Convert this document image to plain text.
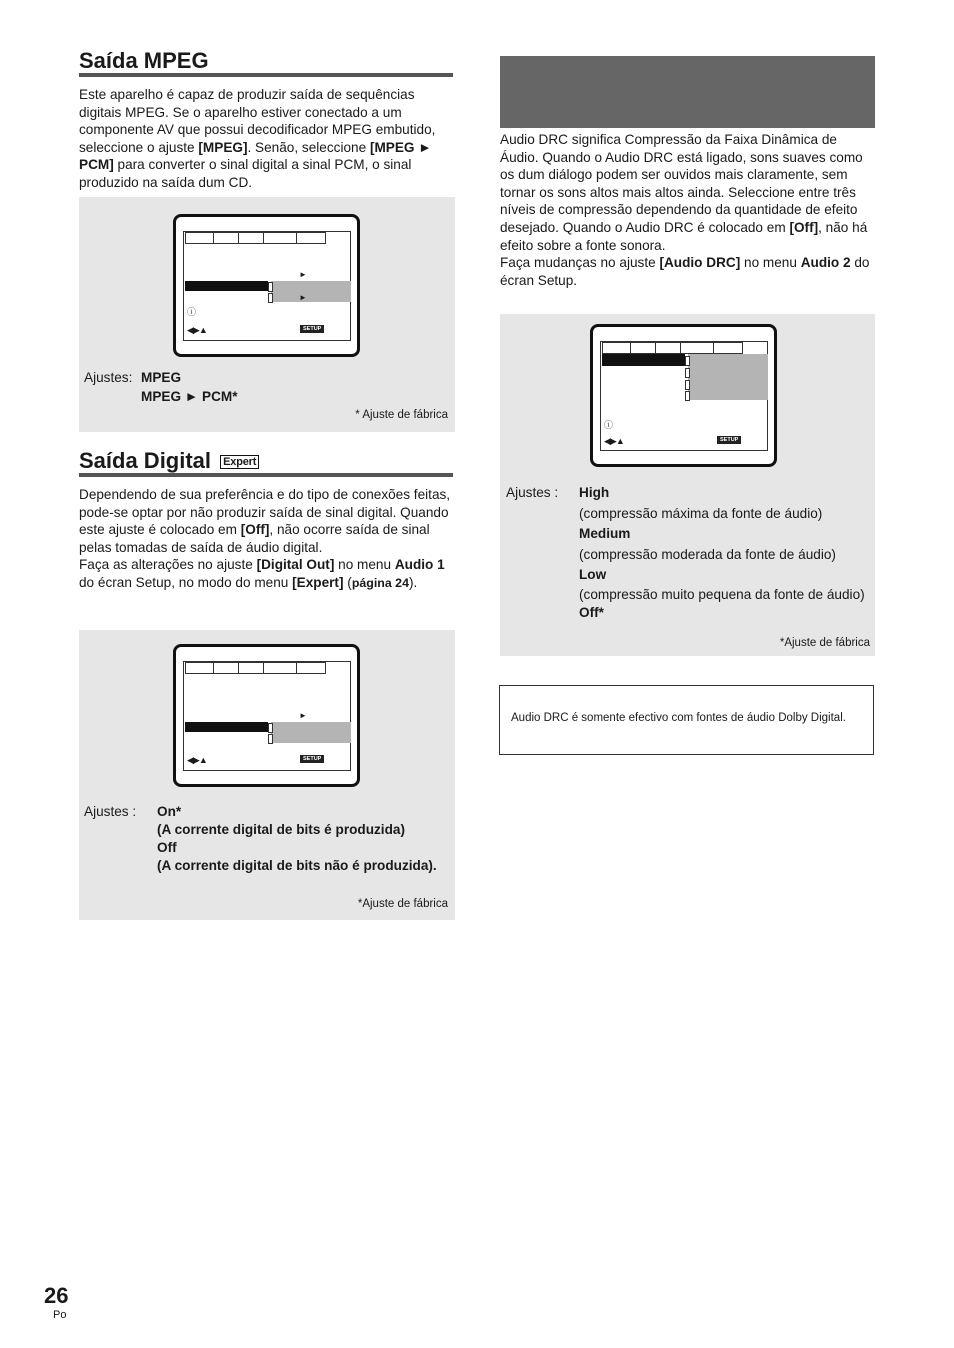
Saída MPEG

Este aparelho é capaz de produzir saída de sequências digitais MPEG. Se o aparelho estiver conectado a um componente AV que possui decodificador MPEG embutido, seleccione o ajuste [MPEG]. Senão, seleccione [MPEG ► PCM] para converter o sinal digital a sinal PCM, o sinal produzido na saída dum CD.

►
►
ⓘ
◀▶▲	SETUP
Ajustes: MPEG
MPEG ► PCM*
* Ajuste de fábrica
Saída Digital Expert

Dependendo de sua preferência e do tipo de conexões feitas, pode-se optar por não produzir saída de sinal digital. Quando este ajuste é colocado em [Off], não ocorre saída de sinal pelas tomadas de saída de áudio digital.

Faça as alterações no ajuste [Digital Out] no menu Audio 1 do écran Setup, no modo do menu [Expert] (página 24).

►
◀▶▲	SETUP
Ajustes : On*
(A corrente digital de bits é produzida)
Off

(A corrente digital de bits não é produzida).
*Ajuste de fábrica

Audio DRC significa Compressão da Faixa Dinâmica de Áudio. Quando o Audio DRC está ligado, sons suaves como os dum diálogo podem ser ouvidos mais claramente, sem tornar os sons altos mais altos ainda. Seleccione entre três níveis de compressão dependendo da quantidade de efeito desejado. Quando o Audio DRC é colocado em [Off], não há efeito sobre a fonte sonora.

Faça mudanças no ajuste [Audio DRC] no menu Audio 2 do écran Setup.

ⓘ
◀▶▲	SETUP
Ajustes : High
(compressão máxima da fonte de áudio)
Medium
(compressão moderada da fonte de áudio)
Low
(compressão muito pequena da fonte de áudio)
Off*
*Ajuste de fábrica
Audio DRC é somente efectivo com fontes de áudio Dolby Digital.
26
Po
